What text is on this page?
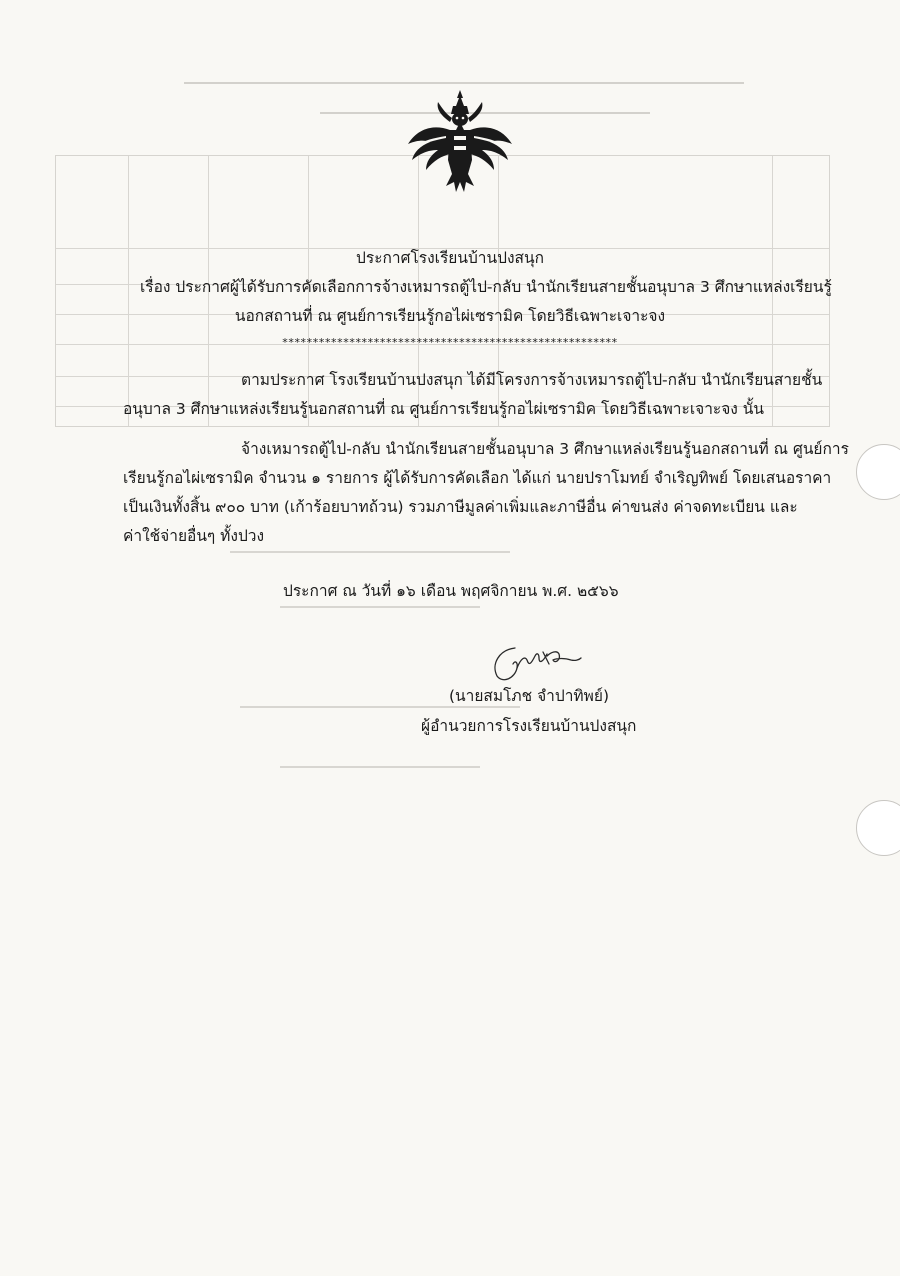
ประกาศโรงเรียนบ้านปงสนุก
เรื่อง ประกาศผู้ได้รับการคัดเลือกการจ้างเหมารถตู้ไป-กลับ นำนักเรียนสายชั้นอนุบาล 3 ศึกษาแหล่งเรียนรู้
นอกสถานที่ ณ ศูนย์การเรียนรู้กอไผ่เซรามิค โดยวิธีเฉพาะเจาะจง
*******************************************************
ตามประกาศ โรงเรียนบ้านปงสนุก ได้มีโครงการจ้างเหมารถตู้ไป-กลับ นำนักเรียนสายชั้น
อนุบาล 3 ศึกษาแหล่งเรียนรู้นอกสถานที่ ณ ศูนย์การเรียนรู้กอไผ่เซรามิค โดยวิธีเฉพาะเจาะจง นั้น
จ้างเหมารถตู้ไป-กลับ นำนักเรียนสายชั้นอนุบาล 3 ศึกษาแหล่งเรียนรู้นอกสถานที่ ณ ศูนย์การ
เรียนรู้กอไผ่เซรามิค จำนวน ๑ รายการ ผู้ได้รับการคัดเลือก ได้แก่ นายปราโมทย์ จำเริญทิพย์ โดยเสนอราคา
เป็นเงินทั้งสิ้น ๙๐๐ บาท (เก้าร้อยบาทถ้วน) รวมภาษีมูลค่าเพิ่มและภาษีอื่น ค่าขนส่ง ค่าจดทะเบียน และ
ค่าใช้จ่ายอื่นๆ ทั้งปวง
ประกาศ ณ วันที่ ๑๖ เดือน พฤศจิกายน พ.ศ. ๒๕๖๖
(นายสมโภช จำปาทิพย์)
ผู้อำนวยการโรงเรียนบ้านปงสนุก
